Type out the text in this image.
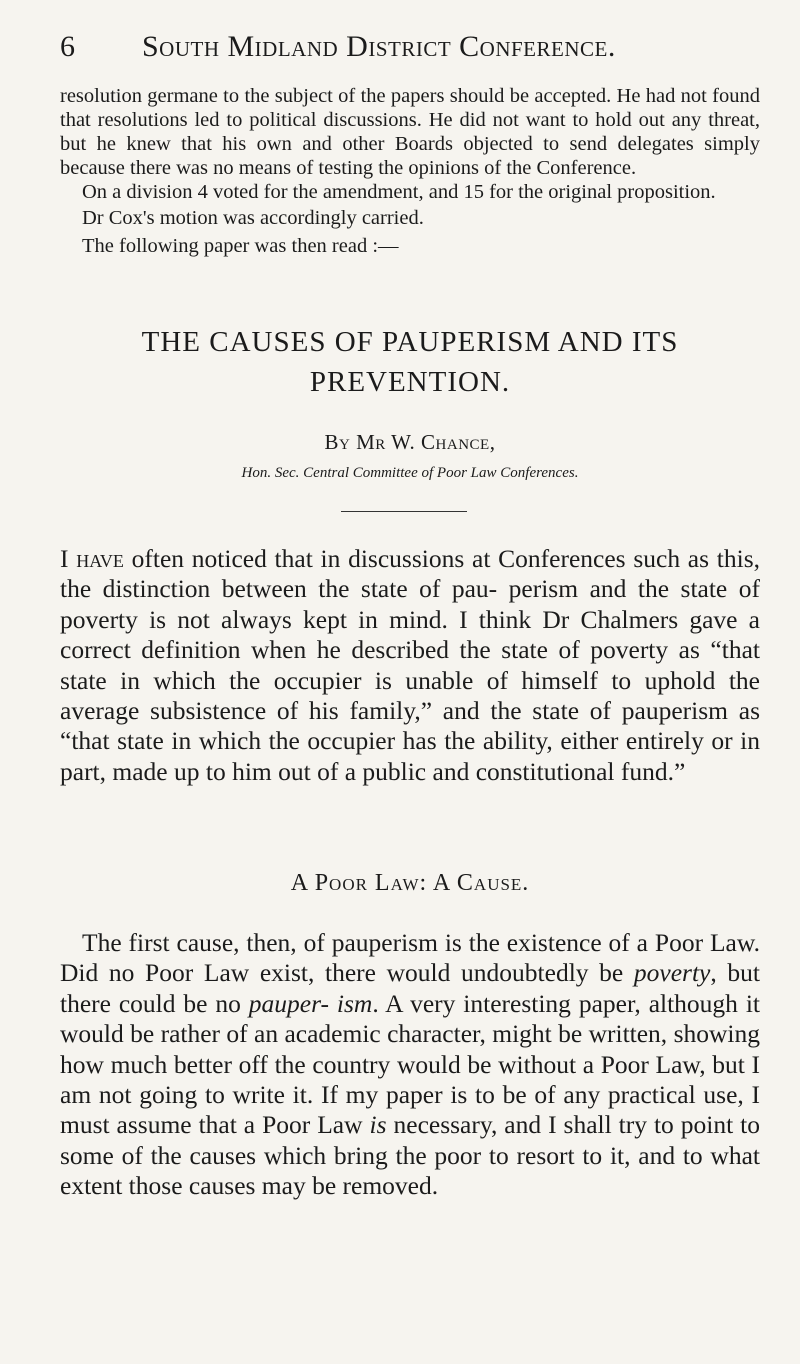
6 South Midland District Conference.

resolution germane to the subject of the papers should be accepted. He had not found that resolutions led to political discussions. He did not want to hold out any threat, but he knew that his own and other Boards objected to send delegates simply because there was no means of testing the opinions of the Conference.

On a division 4 voted for the amendment, and 15 for the original proposition.

Dr Cox's motion was accordingly carried.

The following paper was then read :—

THE CAUSES OF PAUPERISM AND ITS
PREVENTION.
By Mr W. Chance,
Hon. Sec. Central Committee of Poor Law Conferences.

I have often noticed that in discussions at Conferences such as this, the distinction between the state of pau- perism and the state of poverty is not always kept in mind. I think Dr Chalmers gave a correct definition when he described the state of poverty as “that state in which the occupier is unable of himself to uphold the average subsistence of his family,” and the state of pauperism as “that state in which the occupier has the ability, either entirely or in part, made up to him out of a public and constitutional fund.”

A Poor Law: A Cause.

The first cause, then, of pauperism is the existence of a Poor Law. Did no Poor Law exist, there would undoubtedly be poverty, but there could be no pauper- ism. A very interesting paper, although it would be rather of an academic character, might be written, showing how much better off the country would be without a Poor Law, but I am not going to write it. If my paper is to be of any practical use, I must assume that a Poor Law is necessary, and I shall try to point to some of the causes which bring the poor to resort to it, and to what extent those causes may be removed.
